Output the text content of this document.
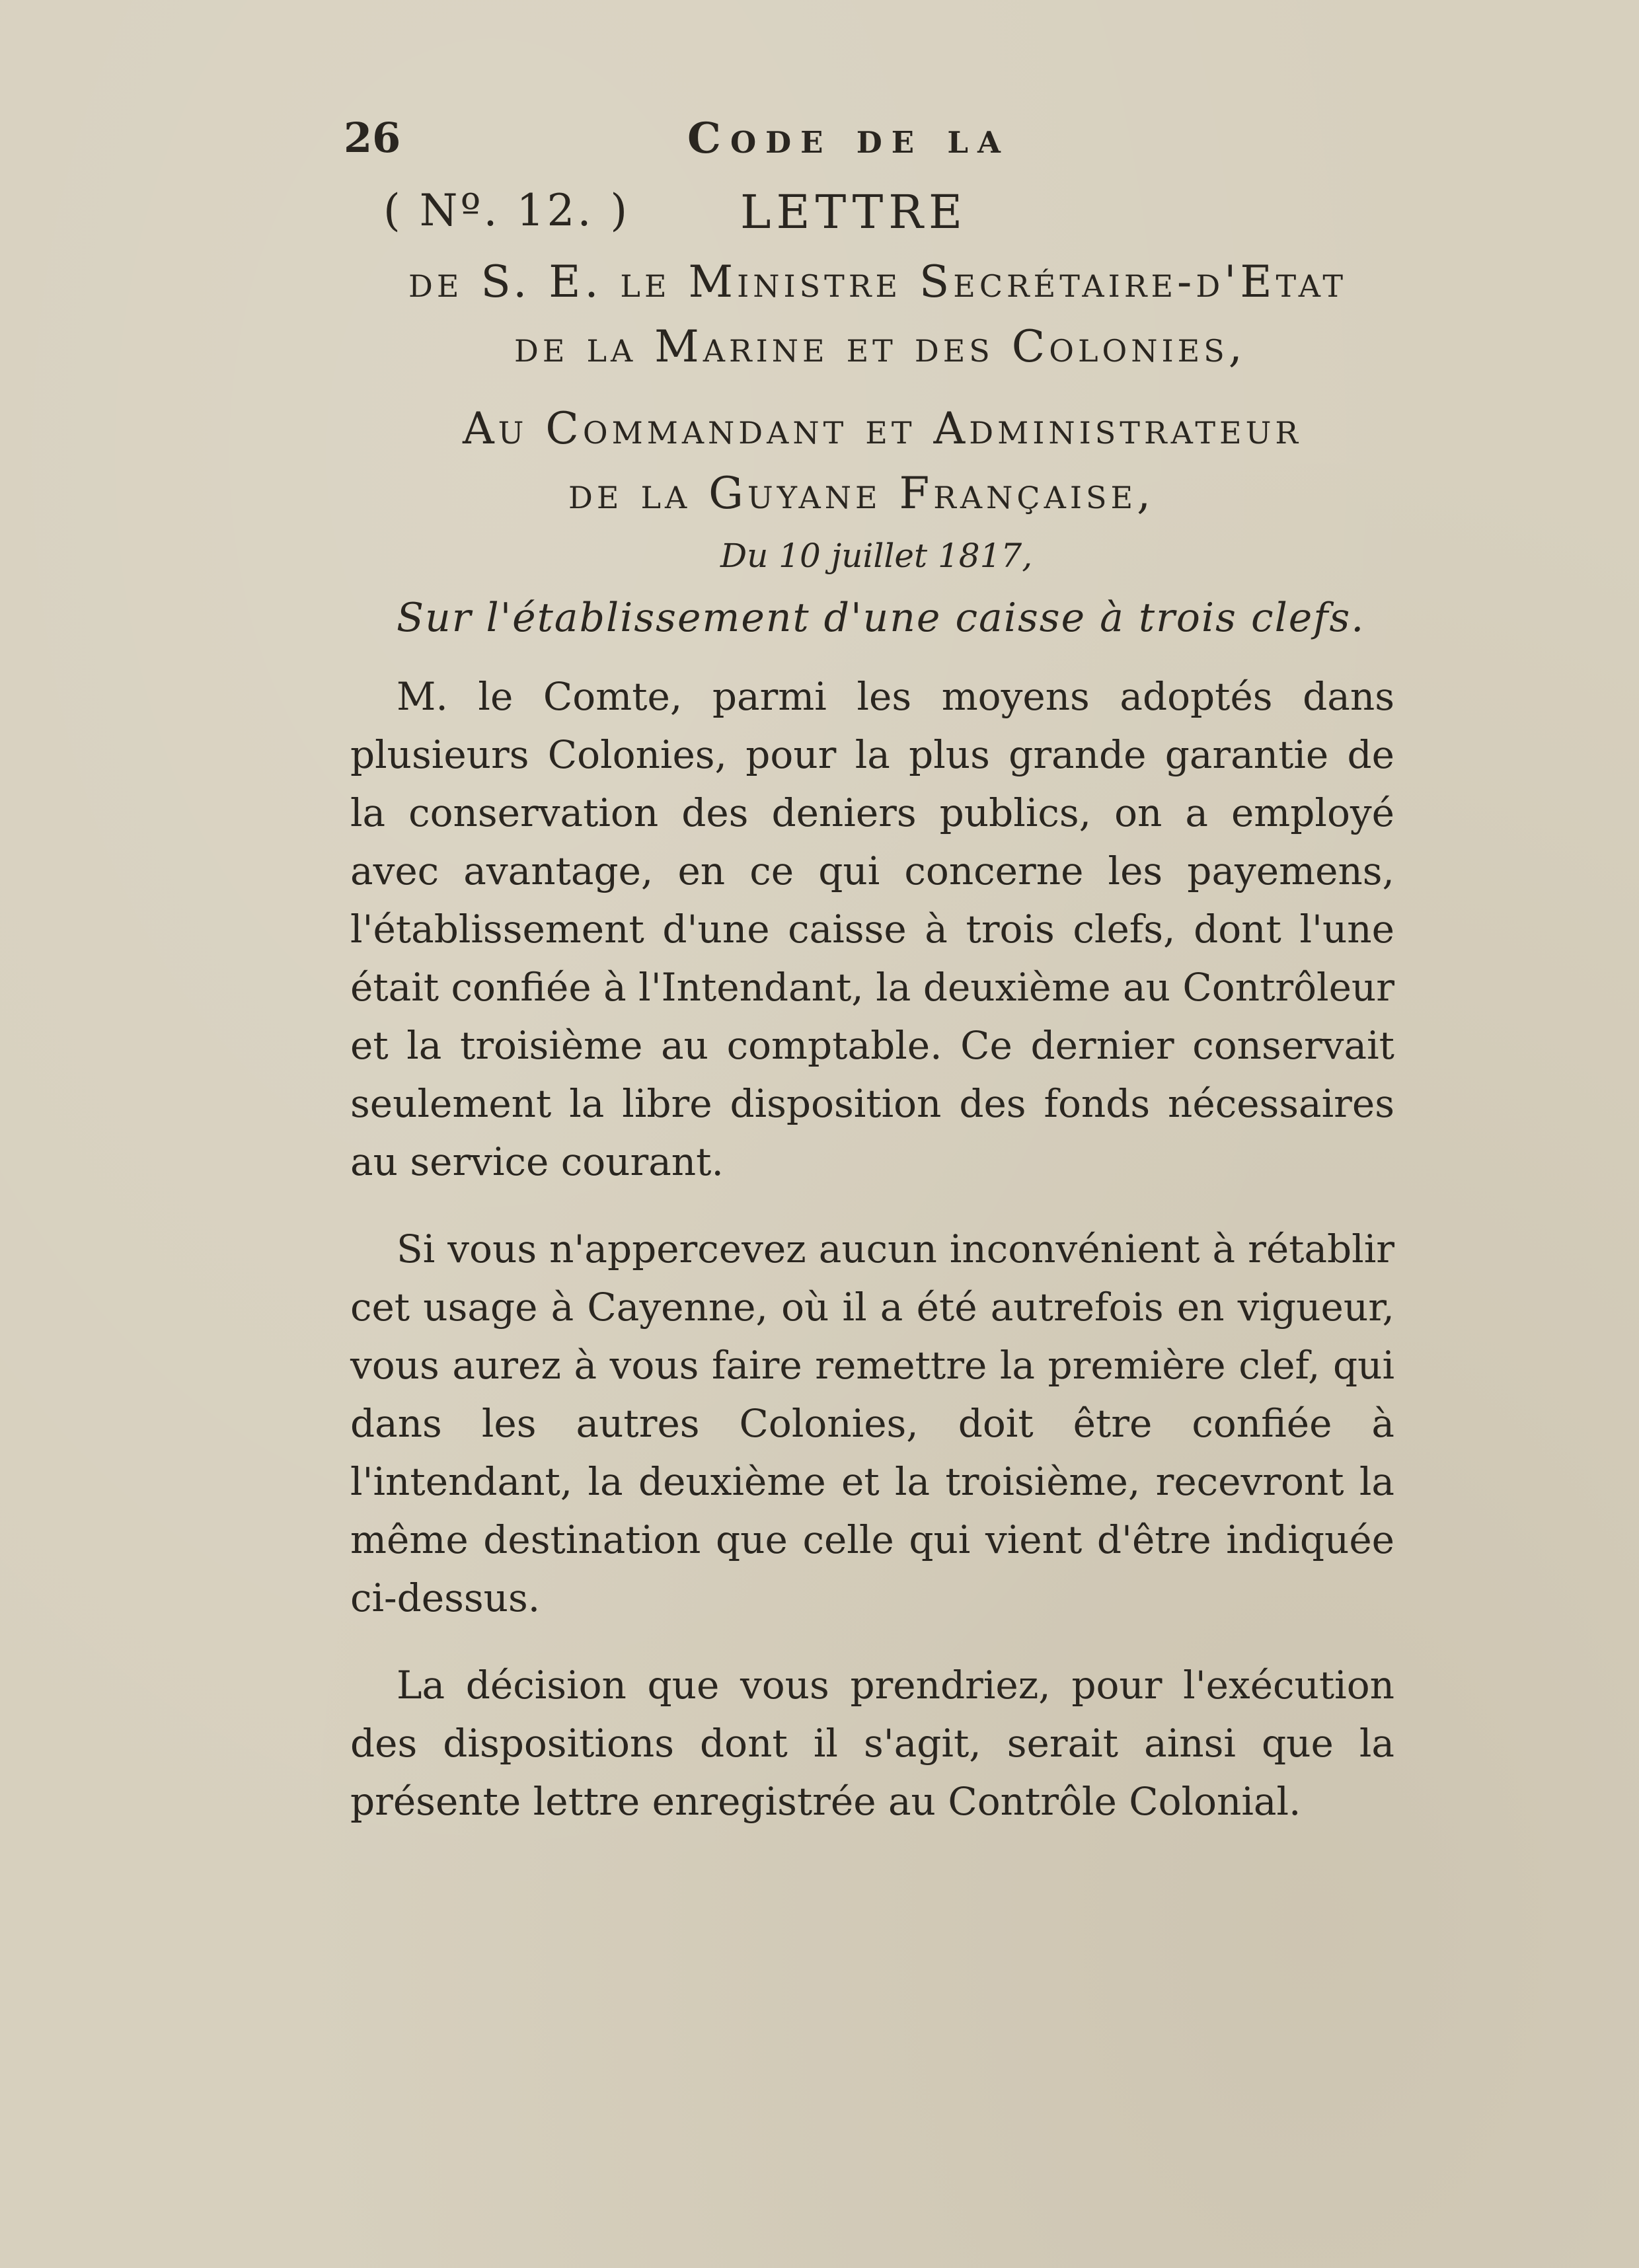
26	Code de la
( Nº. 12. ) LETTRE
de S. E. le Ministre Secrétaire-d'Etat
de la Marine et des Colonies,
Au Commandant et Administrateur
de la Guyane Française,
Du 10 juillet 1817,
Sur l'établissement d'une caisse à trois clefs.

M. le Comte, parmi les moyens adoptés dans plusieurs Colonies, pour la plus grande garantie de la conservation des deniers publics, on a employé avec avantage, en ce qui concerne les payemens, l'établissement d'une caisse à trois clefs, dont l'une était confiée à l'Intendant, la deuxième au Contrôleur et la troisième au comptable. Ce dernier conservait seulement la libre disposition des fonds nécessaires au service courant.

Si vous n'appercevez aucun inconvénient à rétablir cet usage à Cayenne, où il a été autrefois en vigueur, vous aurez à vous faire remettre la première clef, qui dans les autres Colonies, doit être confiée à l'intendant, la deuxième et la troisième, recevront la même destination que celle qui vient d'être indiquée ci-dessus.

La décision que vous prendriez, pour l'exécution des dispositions dont il s'agit, serait ainsi que la présente lettre enregistrée au Contrôle Colonial.
